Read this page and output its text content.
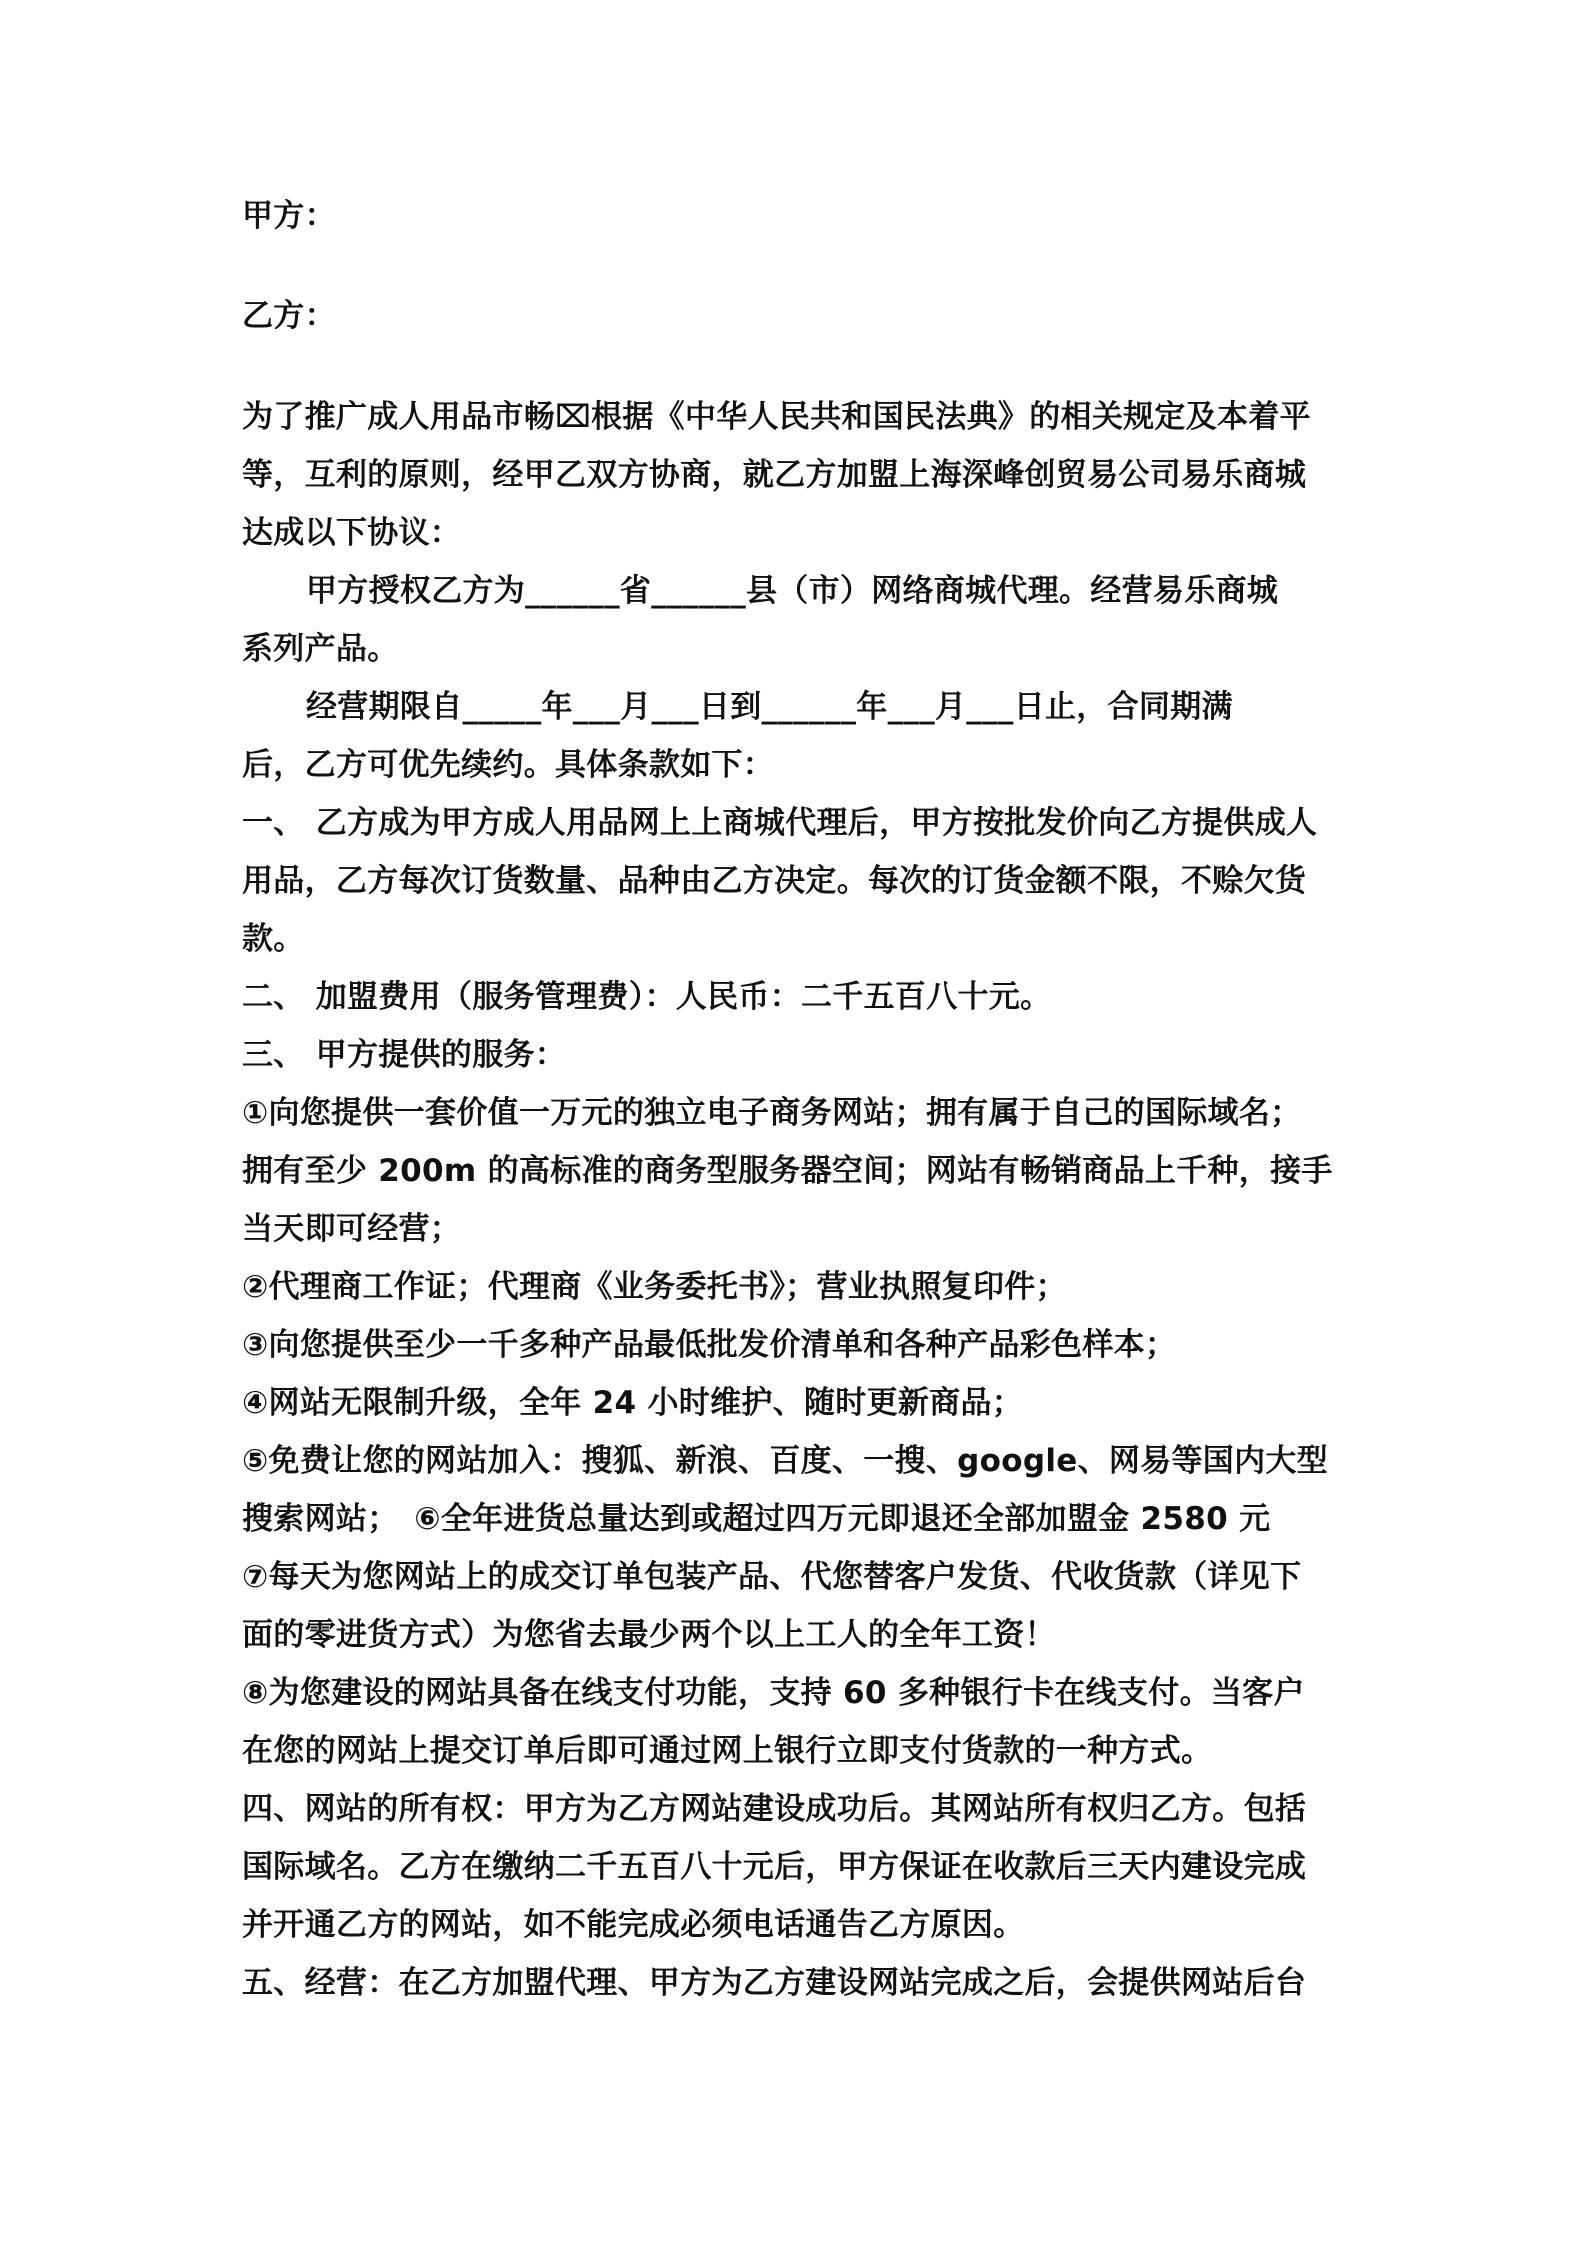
甲方：
乙方：
为了推广成人用品市畅⌧根据《中华人民共和国民法典》的相关规定及本着平
等，互利的原则，经甲乙双方协商，就乙方加盟上海深峰创贸易公司易乐商城
达成以下协议：
甲方授权乙方为______省______县（市）网络商城代理。经营易乐商城
系列产品。
经营期限自_____年___月___日到______年___月___日止，合同期满
后，乙方可优先续约。具体条款如下：
一、 乙方成为甲方成人用品网上上商城代理后，甲方按批发价向乙方提供成人
用品，乙方每次订货数量、品种由乙方决定。每次的订货金额不限，不赊欠货
款。
二、 加盟费用（服务管理费）：人民币：二千五百八十元。
三、 甲方提供的服务：
①向您提供一套价值一万元的独立电子商务网站；拥有属于自己的国际域名；
拥有至少 200m 的高标准的商务型服务器空间；网站有畅销商品上千种，接手
当天即可经营；
②代理商工作证；代理商《业务委托书》；营业执照复印件；
③向您提供至少一千多种产品最低批发价清单和各种产品彩色样本；
④网站无限制升级，全年 24 小时维护、随时更新商品；
⑤免费让您的网站加入：搜狐、新浪、百度、一搜、google、网易等国内大型
搜索网站；　⑥全年进货总量达到或超过四万元即退还全部加盟金 2580 元
⑦每天为您网站上的成交订单包装产品、代您替客户发货、代收货款（详见下
面的零进货方式）为您省去最少两个以上工人的全年工资！
⑧为您建设的网站具备在线支付功能，支持 60 多种银行卡在线支付。当客户
在您的网站上提交订单后即可通过网上银行立即支付货款的一种方式。
四、网站的所有权：甲方为乙方网站建设成功后。其网站所有权归乙方。包括
国际域名。乙方在缴纳二千五百八十元后，甲方保证在收款后三天内建设完成
并开通乙方的网站，如不能完成必须电话通告乙方原因。
五、经营：在乙方加盟代理、甲方为乙方建设网站完成之后，会提供网站后台
